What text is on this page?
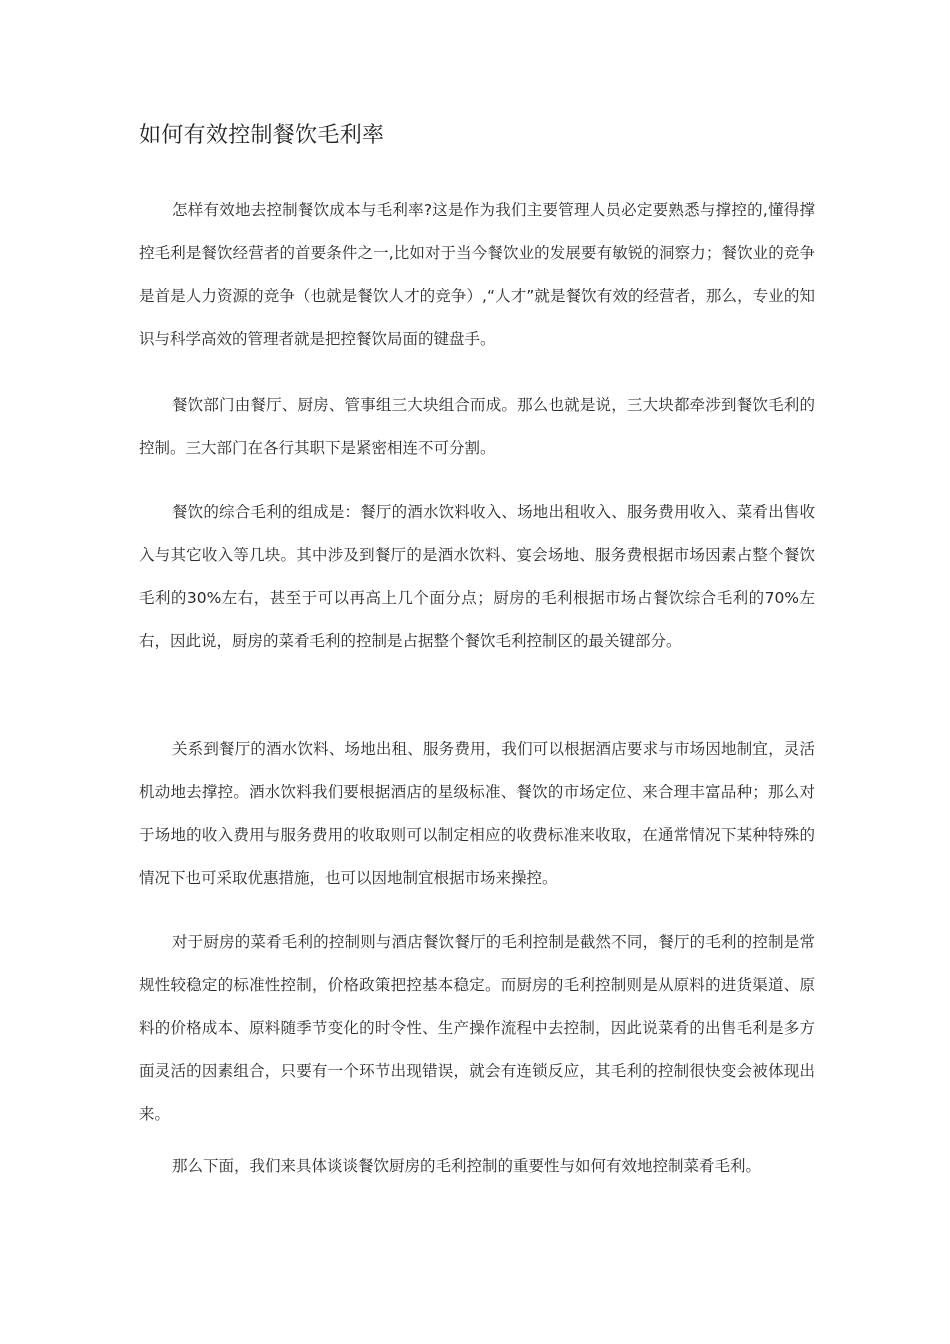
如何有效控制餐饮毛利率

怎样有效地去控制餐饮成本与毛利率?这是作为我们主要管理人员必定要熟悉与撑控的,懂得撑控毛利是餐饮经营者的首要条件之一,比如对于当今餐饮业的发展要有敏锐的洞察力；餐饮业的竞争是首是人力资源的竞争（也就是餐饮人才的竞争）,“人才”就是餐饮有效的经营者，那么，专业的知识与科学高效的管理者就是把控餐饮局面的键盘手。

餐饮部门由餐厅、厨房、管事组三大块组合而成。那么也就是说，三大块都牵涉到餐饮毛利的控制。三大部门在各行其职下是紧密相连不可分割。

餐饮的综合毛利的组成是：餐厅的酒水饮料收入、场地出租收入、服务费用收入、菜肴出售收入与其它收入等几块。其中涉及到餐厅的是酒水饮料、宴会场地、服务费根据市场因素占整个餐饮毛利的30%左右，甚至于可以再高上几个面分点；厨房的毛利根据市场占餐饮综合毛利的70%左右，因此说，厨房的菜肴毛利的控制是占据整个餐饮毛利控制区的最关键部分。

关系到餐厅的酒水饮料、场地出租、服务费用，我们可以根据酒店要求与市场因地制宜，灵活机动地去撑控。酒水饮料我们要根据酒店的星级标准、餐饮的市场定位、来合理丰富品种；那么对于场地的收入费用与服务费用的收取则可以制定相应的收费标准来收取，在通常情况下某种特殊的情况下也可采取优惠措施，也可以因地制宜根据市场来操控。

对于厨房的菜肴毛利的控制则与酒店餐饮餐厅的毛利控制是截然不同，餐厅的毛利的控制是常规性较稳定的标准性控制，价格政策把控基本稳定。而厨房的毛利控制则是从原料的进货渠道、原料的价格成本、原料随季节变化的时令性、生产操作流程中去控制，因此说菜肴的出售毛利是多方面灵活的因素组合，只要有一个环节出现错误，就会有连锁反应，其毛利的控制很快变会被体现出来。

那么下面，我们来具体谈谈餐饮厨房的毛利控制的重要性与如何有效地控制菜肴毛利。
